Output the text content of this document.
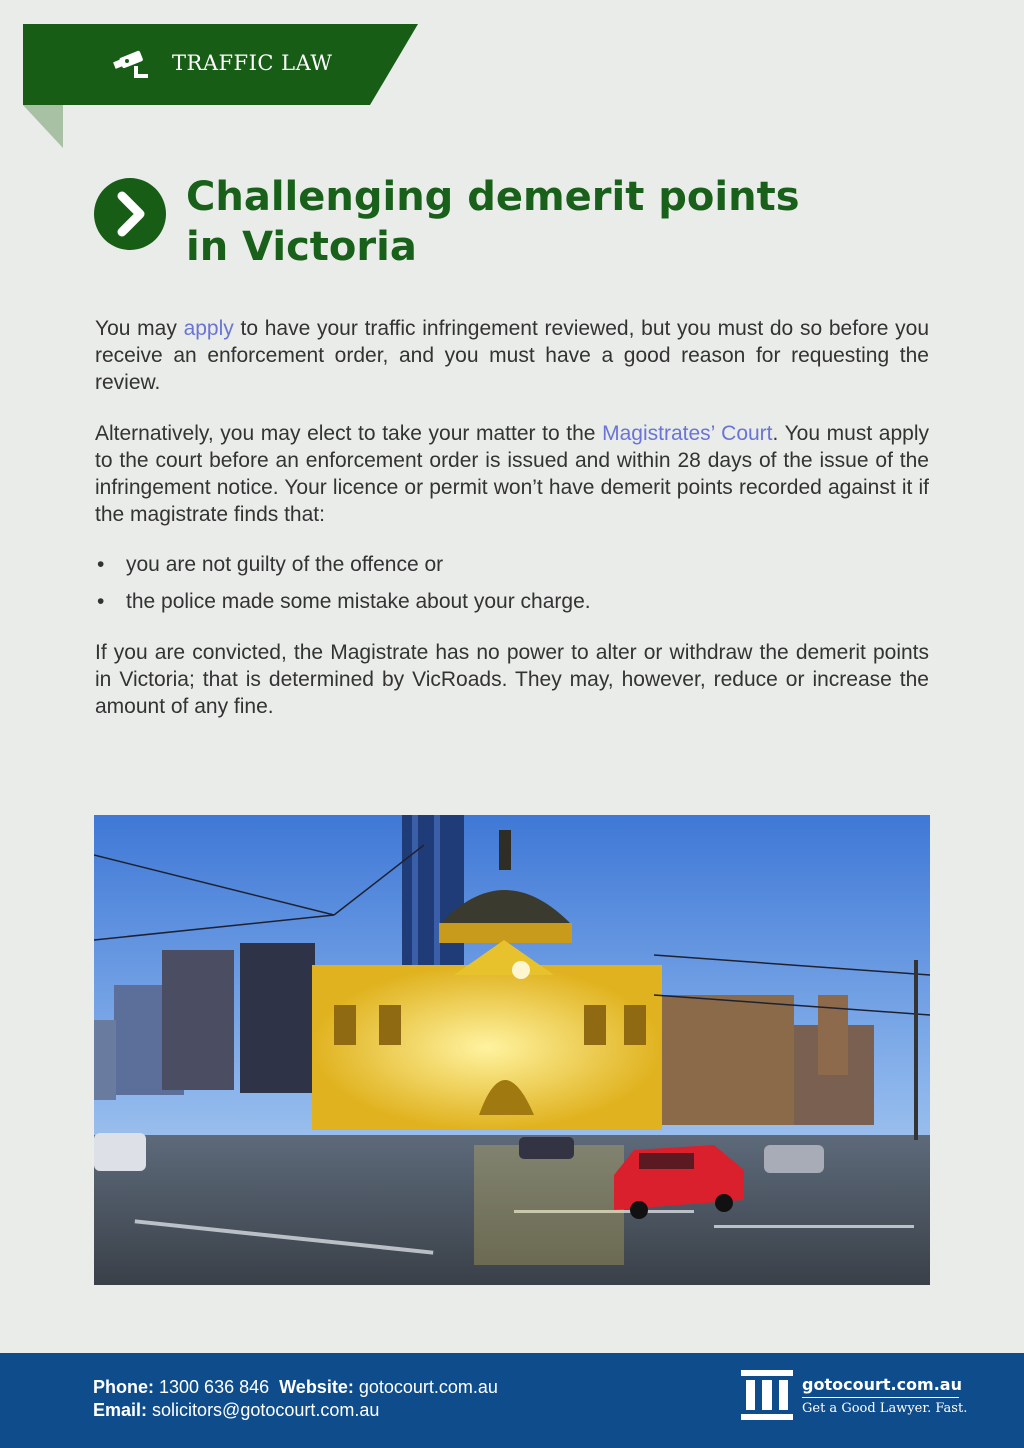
TRAFFIC LAW
Challenging demerit points
in Victoria
You may apply to have your traffic infringement reviewed, but you must do so before you receive an enforcement order, and you must have a good reason for requesting the review.
Alternatively, you may elect to take your matter to the Magistrates’ Court. You must apply to the court before an enforcement order is issued and within 28 days of the issue of the infringement notice. Your licence or permit won’t have demerit points recorded against it if the magistrate finds that:
• you are not guilty of the offence or
• the police made some mistake about your charge.
If you are convicted, the Magistrate has no power to alter or withdraw the demerit points in Victoria; that is determined by VicRoads. They may, however, reduce or increase the amount of any fine.
Phone: 1300 636 846 Website: gotocourt.com.au
Email: solicitors@gotocourt.com.au
gotocourt.com.au
Get a Good Lawyer. Fast.
